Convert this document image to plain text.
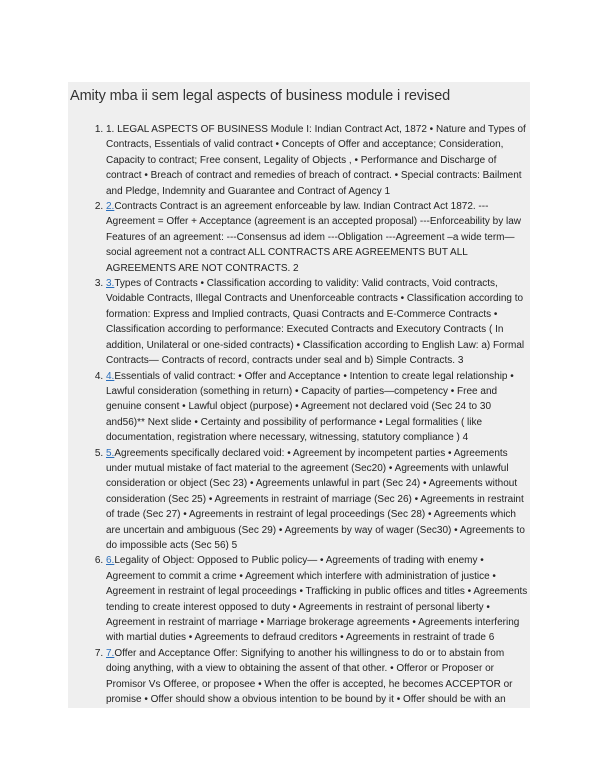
Amity mba ii sem legal aspects of business module i revised
1. 1. LEGAL ASPECTS OF BUSINESS Module I: Indian Contract Act, 1872 • Nature and Types of Contracts, Essentials of valid contract • Concepts of Offer and acceptance; Consideration, Capacity to contract; Free consent, Legality of Objects , • Performance and Discharge of contract • Breach of contract and remedies of breach of contract. • Special contracts: Bailment and Pledge, Indemnity and Guarantee and Contract of Agency 1
2. 2.Contracts Contract is an agreement enforceable by law. Indian Contract Act 1872. ---Agreement = Offer + Acceptance (agreement is an accepted proposal) ---Enforceability by law Features of an agreement: ---Consensus ad idem ---Obligation ---Agreement –a wide term—social agreement not a contract ALL CONTRACTS ARE AGREEMENTS BUT ALL AGREEMENTS ARE NOT CONTRACTS. 2
3. 3.Types of Contracts • Classification according to validity: Valid contracts, Void contracts, Voidable Contracts, Illegal Contracts and Unenforceable contracts • Classification according to formation: Express and Implied contracts, Quasi Contracts and E-Commerce Contracts • Classification according to performance: Executed Contracts and Executory Contracts ( In addition, Unilateral or one-sided contracts) • Classification according to English Law: a) Formal Contracts— Contracts of record, contracts under seal and b) Simple Contracts. 3
4. 4.Essentials of valid contract: • Offer and Acceptance • Intention to create legal relationship • Lawful consideration (something in return) • Capacity of parties—competency • Free and genuine consent • Lawful object (purpose) • Agreement not declared void (Sec 24 to 30 and56)** Next slide • Certainty and possibility of performance • Legal formalities ( like documentation, registration where necessary, witnessing, statutory compliance ) 4
5. 5.Agreements specifically declared void: • Agreement by incompetent parties • Agreements under mutual mistake of fact material to the agreement (Sec20) • Agreements with unlawful consideration or object (Sec 23) • Agreements unlawful in part (Sec 24) • Agreements without consideration (Sec 25) • Agreements in restraint of marriage (Sec 26) • Agreements in restraint of trade (Sec 27) • Agreements in restraint of legal proceedings (Sec 28) • Agreements which are uncertain and ambiguous (Sec 29) • Agreements by way of wager (Sec30) • Agreements to do impossible acts (Sec 56) 5
6. 6.Legality of Object: Opposed to Public policy— • Agreements of trading with enemy • Agreement to commit a crime • Agreement which interfere with administration of justice • Agreement in restraint of legal proceedings • Trafficking in public offices and titles • Agreements tending to create interest opposed to duty • Agreements in restraint of personal liberty • Agreement in restraint of marriage • Marriage brokerage agreements • Agreements interfering with martial duties • Agreements to defraud creditors • Agreements in restraint of trade 6
7. 7.Offer and Acceptance Offer: Signifying to another his willingness to do or to abstain from doing anything, with a view to obtaining the assent of that other. • Offeror or Proposer or Promisor Vs Offeree, or proposee • When the offer is accepted, he becomes ACCEPTOR or promise • Offer should show a obvious intention to be bound by it • Offer should be with an
